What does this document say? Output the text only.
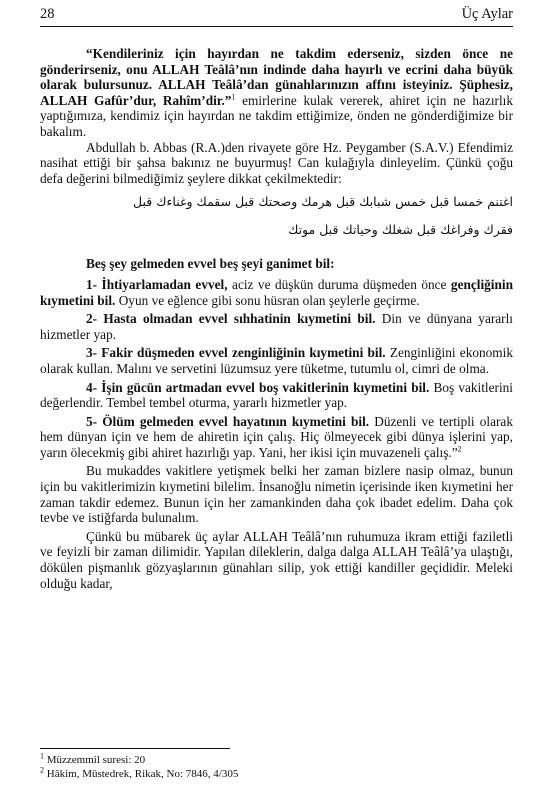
28	Üç Aylar

“Kendileriniz için hayırdan ne takdim ederseniz, sizden önce ne gönderirseniz, onu ALLAH Teâlâ’nın indinde daha hayırlı ve ecrini daha büyük olarak bulursunuz. ALLAH Teâlâ’dan günahlarınızın affını isteyiniz. Şüphesiz, ALLAH Gafûr’dur, Rahîm’dir.”$^1$ emirlerine kulak vererek, ahiret için ne hazırlık yaptığımıza, kendimiz için hayırdan ne takdim ettiğimize, önden ne gönderdiğimize bir bakalım.

Abdullah b. Abbas (R.A.)den rivayete göre Hz. Peygamber (S.A.V.) Efendimiz nasihat ettiği bir şahsa bakınız ne buyurmuş! Can kulağıyla dinleyelim. Çünkü çoğu defa değerini bilmediğimiz şeylere dikkat çekilmektedir:

اغتنم خمسا قبل خمس شبابك قبل هرمك وصحتك قبل سقمك وغناءك قبل

فقرك وفراغك قبل شغلك وحياتك قبل موتك

Beş şey gelmeden evvel beş şeyi ganimet bil:

1- İhtiyarlamadan evvel, aciz ve düşkün duruma düşmeden önce gençliğinin kıymetini bil. Oyun ve eğlence gibi sonu hüsran olan şeylerle geçirme.

2- Hasta olmadan evvel sıhhatinin kıymetini bil. Din ve dünyana yararlı hizmetler yap.

3- Fakir düşmeden evvel zenginliğinin kıymetini bil. Zenginliğini ekonomik olarak kullan. Malını ve servetini lüzumsuz yere tüketme, tutumlu ol, cimri de olma.

4- İşin gücün artmadan evvel boş vakitlerinin kıymetini bil. Boş vakitlerini değerlendir. Tembel tembel oturma, yararlı hizmetler yap.

5- Ölüm gelmeden evvel hayatının kıymetini bil. Düzenli ve tertipli olarak hem dünyan için ve hem de ahiretin için çalış. Hiç ölmeyecek gibi dünya işlerini yap, yarın ölecekmiş gibi ahiret hazırlığı yap. Yani, her ikisi için muvazeneli çalış.”$^2$

Bu mukaddes vakitlere yetişmek belki her zaman bizlere nasip olmaz, bunun için bu vakitlerimizin kıymetini bilelim. İnsanoğlu nimetin içerisinde iken kıymetini her zaman takdir edemez. Bunun için her zamankinden daha çok ibadet edelim. Daha çok tevbe ve istiğfarda bulunalım.

Çünkü bu mübarek üç aylar ALLAH Teâlâ’nın ruhumuza ikram ettiği faziletli ve feyizli bir zaman dilimidir. Yapılan dileklerin, dalga dalga ALLAH Teâlâ’ya ulaştığı, dökülen pişmanlık gözyaşlarının günahları silip, yok ettiği kandiller geçididir. Meleki olduğu kadar,

$^1$ Müzzemmil suresi: 20
$^2$ Hâkim, Müstedrek, Rikak, No: 7846, 4/305
